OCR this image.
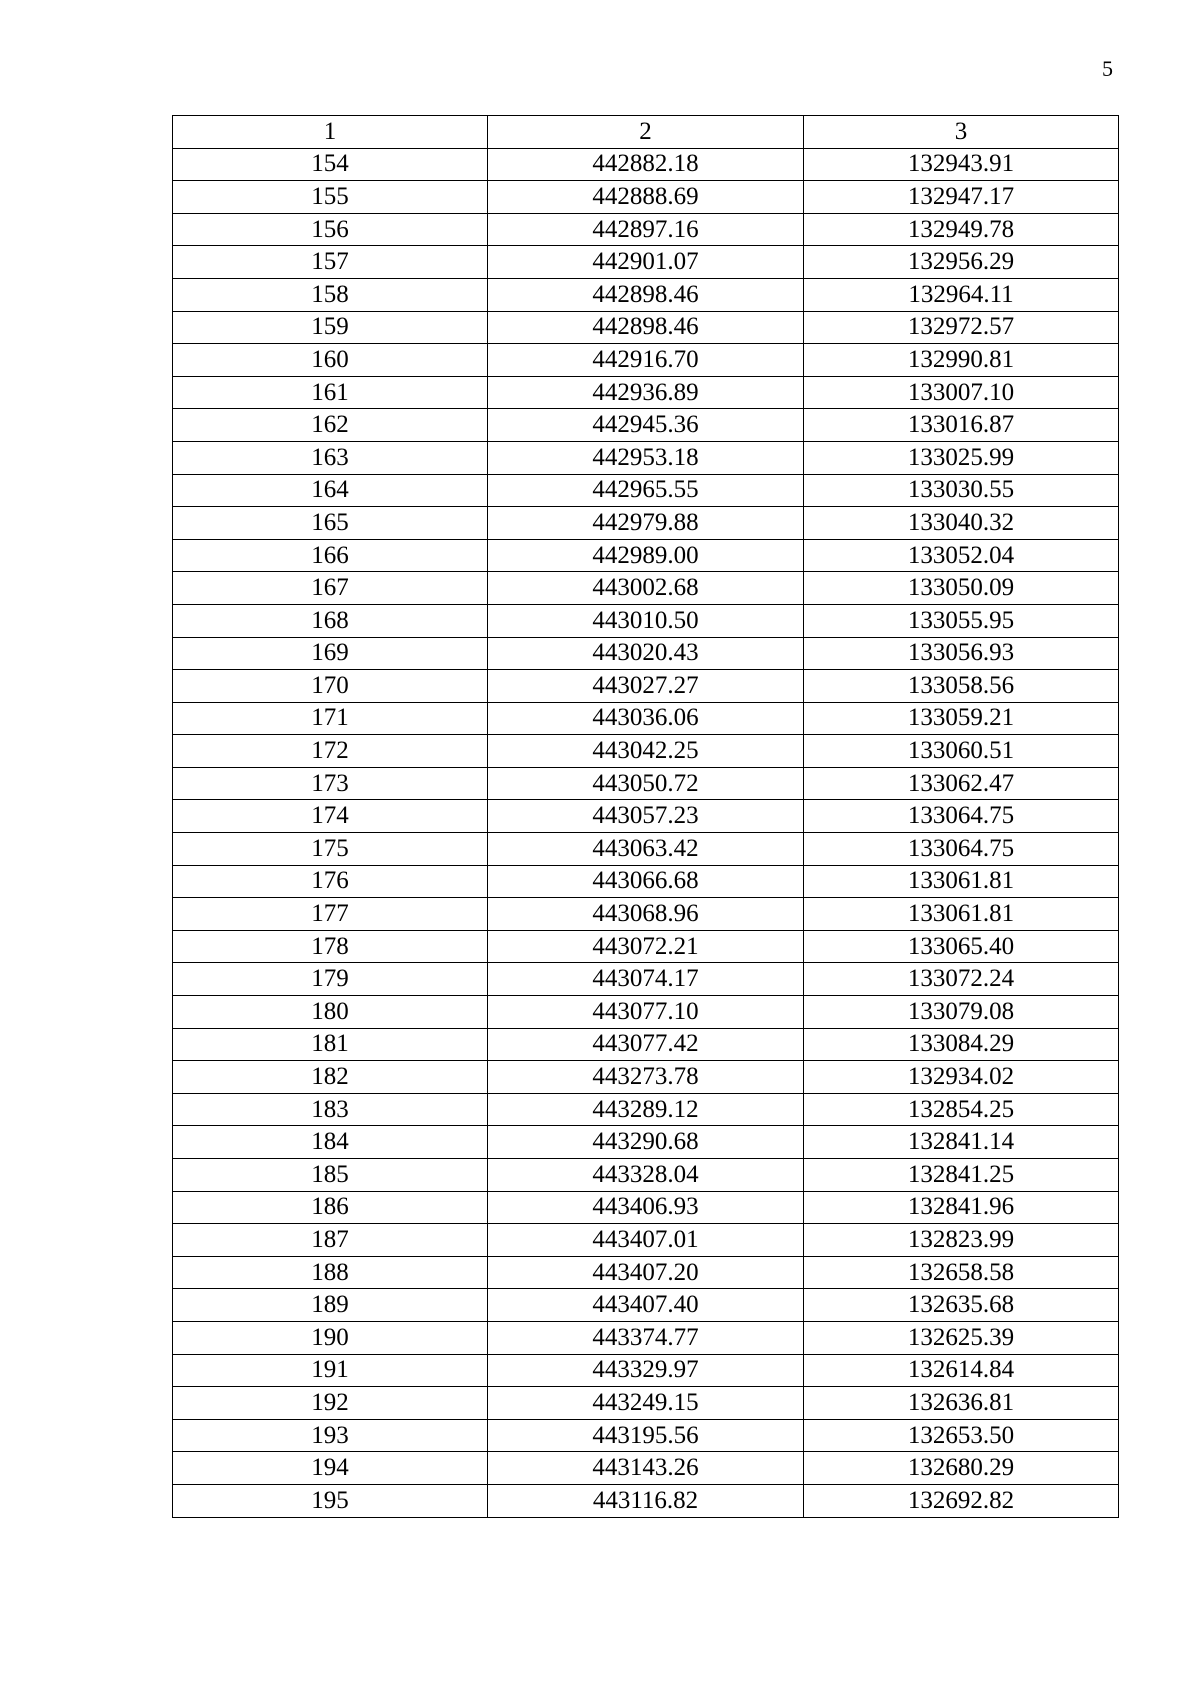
5
1	2	3
154	442882.18	132943.91
155	442888.69	132947.17
156	442897.16	132949.78
157	442901.07	132956.29
158	442898.46	132964.11
159	442898.46	132972.57
160	442916.70	132990.81
161	442936.89	133007.10
162	442945.36	133016.87
163	442953.18	133025.99
164	442965.55	133030.55
165	442979.88	133040.32
166	442989.00	133052.04
167	443002.68	133050.09
168	443010.50	133055.95
169	443020.43	133056.93
170	443027.27	133058.56
171	443036.06	133059.21
172	443042.25	133060.51
173	443050.72	133062.47
174	443057.23	133064.75
175	443063.42	133064.75
176	443066.68	133061.81
177	443068.96	133061.81
178	443072.21	133065.40
179	443074.17	133072.24
180	443077.10	133079.08
181	443077.42	133084.29
182	443273.78	132934.02
183	443289.12	132854.25
184	443290.68	132841.14
185	443328.04	132841.25
186	443406.93	132841.96
187	443407.01	132823.99
188	443407.20	132658.58
189	443407.40	132635.68
190	443374.77	132625.39
191	443329.97	132614.84
192	443249.15	132636.81
193	443195.56	132653.50
194	443143.26	132680.29
195	443116.82	132692.82
